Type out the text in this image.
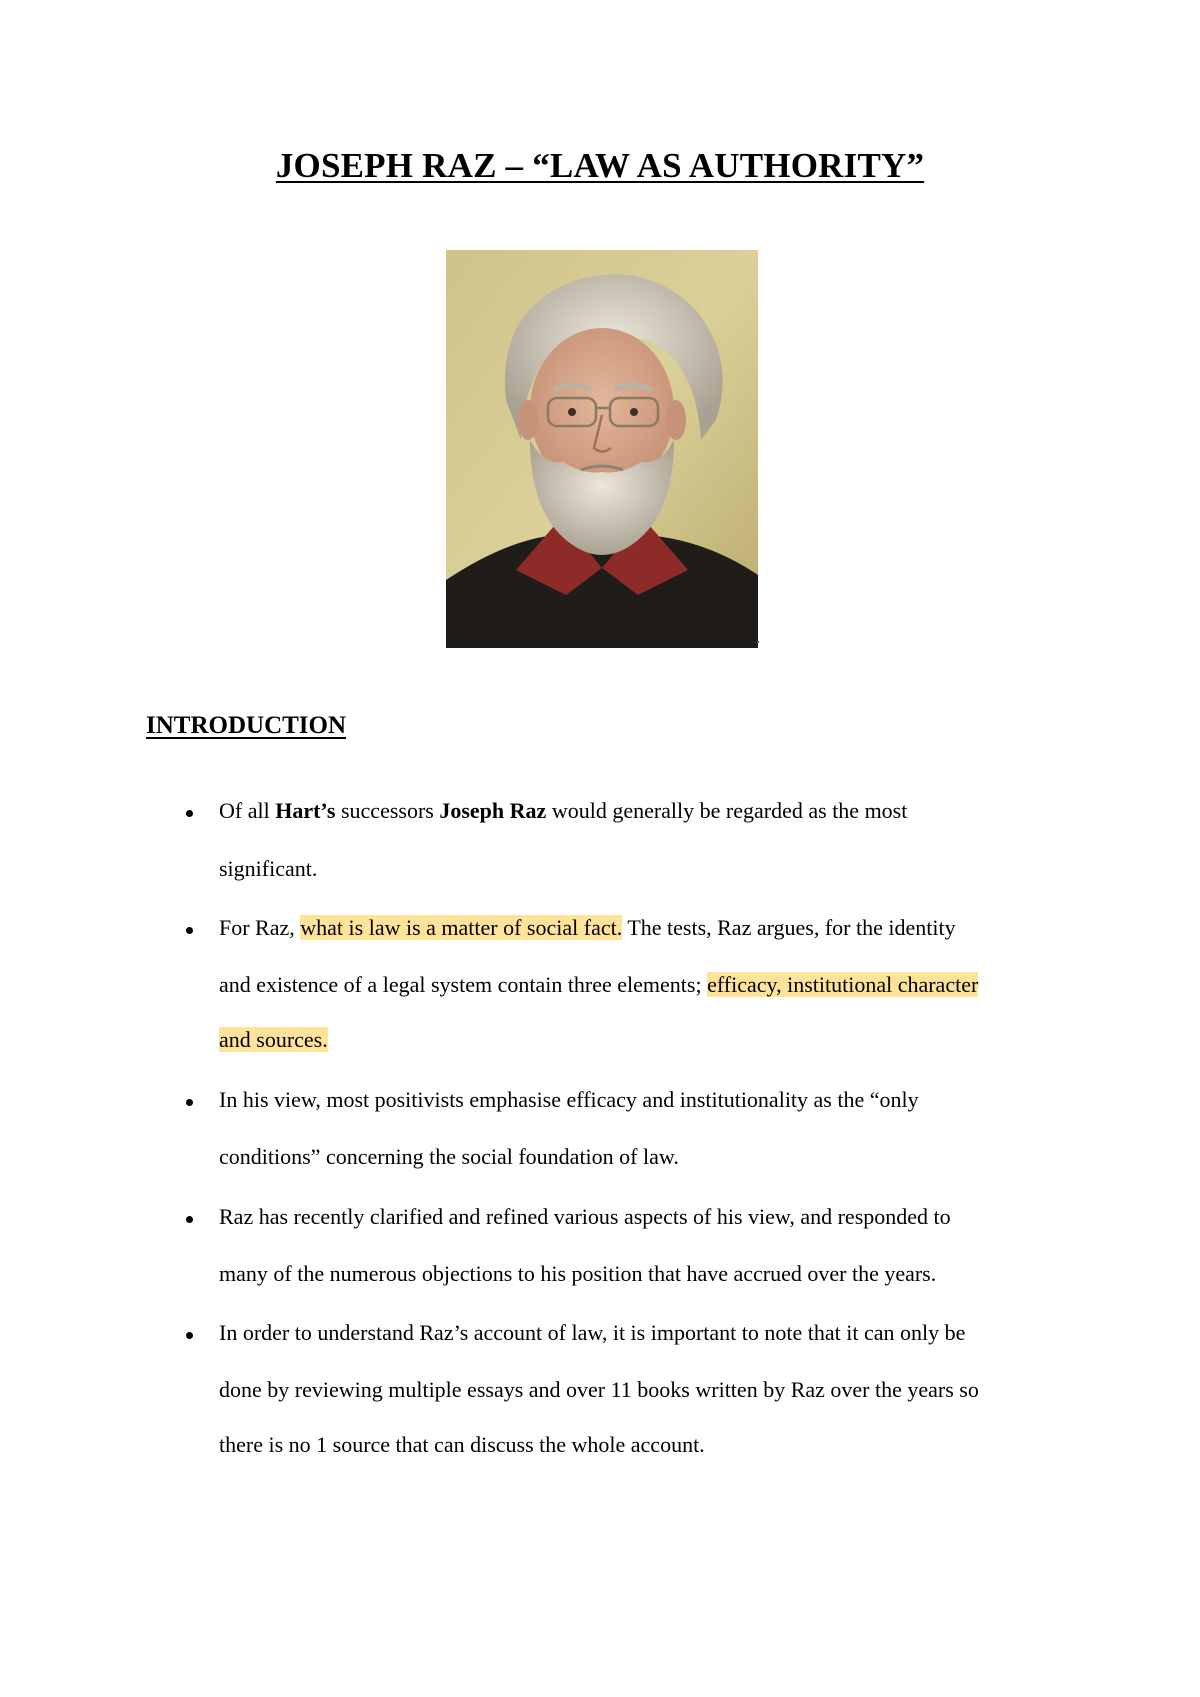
JOSEPH RAZ – “LAW AS AUTHORITY”
INTRODUCTION
Of all Hart’s successors Joseph Raz would generally be regarded as the most
significant.
For Raz, what is law is a matter of social fact. The tests, Raz argues, for the identity
and existence of a legal system contain three elements; efficacy, institutional character
and sources.
In his view, most positivists emphasise efficacy and institutionality as the “only
conditions” concerning the social foundation of law.
Raz has recently clarified and refined various aspects of his view, and responded to
many of the numerous objections to his position that have accrued over the years.
In order to understand Raz’s account of law, it is important to note that it can only be
done by reviewing multiple essays and over 11 books written by Raz over the years so
there is no 1 source that can discuss the whole account.
